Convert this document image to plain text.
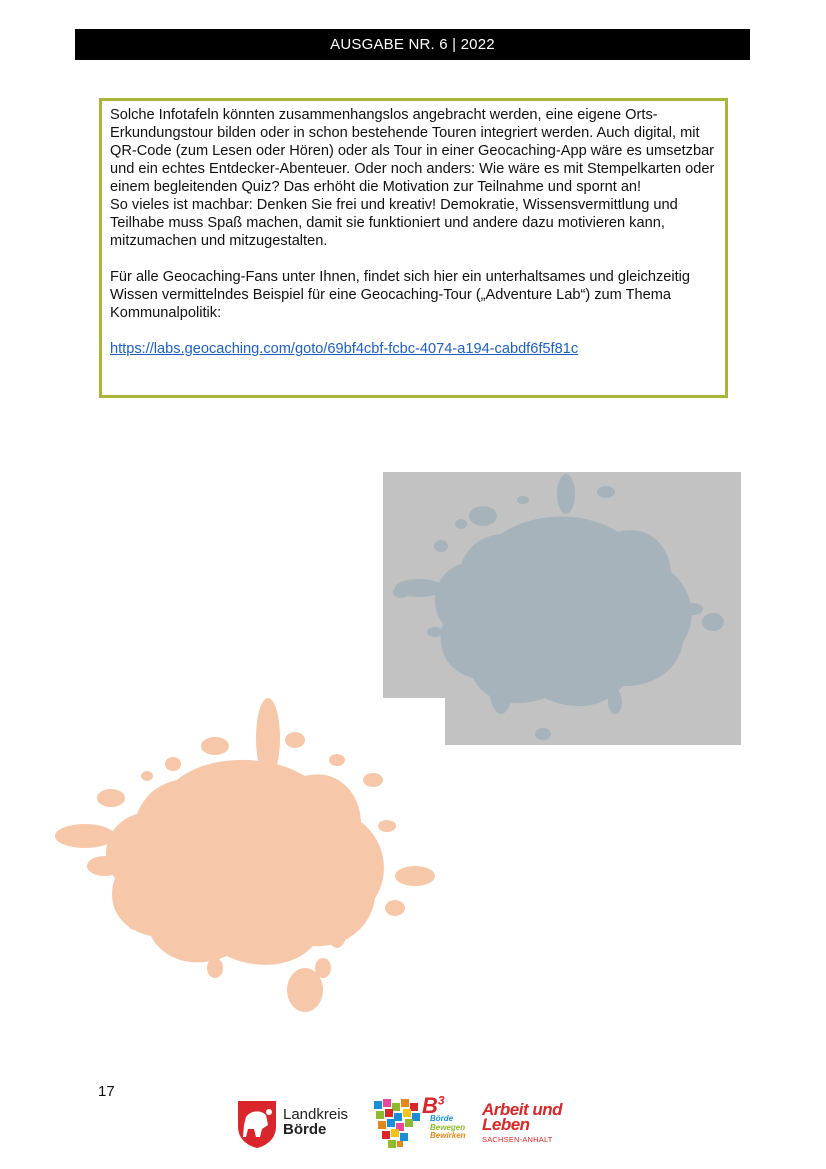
AUSGABE NR. 6 | 2022

Solche Infotafeln könnten zusammenhangslos angebracht werden, eine eigene Orts-Erkundungstour bilden oder in schon bestehende Touren integriert werden. Auch digital, mit QR-Code (zum Lesen oder Hören) oder als Tour in einer Geocaching-App wäre es umsetzbar und ein echtes Entdecker-Abenteuer. Oder noch anders: Wie wäre es mit Stempelkarten oder einem begleitenden Quiz? Das erhöht die Motivation zur Teilnahme und spornt an!

So vieles ist machbar: Denken Sie frei und kreativ! Demokratie, Wissensvermittlung und Teilhabe muss Spaß machen, damit sie funktioniert und andere dazu motivieren kann, mitzumachen und mitzugestalten.

Für alle Geocaching-Fans unter Ihnen, findet sich hier ein unterhaltsames und gleichzeitig Wissen vermittelndes Beispiel für eine Geocaching-Tour („Adventure Lab“) zum Thema Kommunalpolitik:

https://labs.geocaching.com/goto/69bf4cbf-fcbc-4074-a194-cabdf6f5f81c

17
Landkreis
Börde
$B^3$
Börde
Bewegen
Bewirken
Arbeit und
Leben
SACHSEN-ANHALT
